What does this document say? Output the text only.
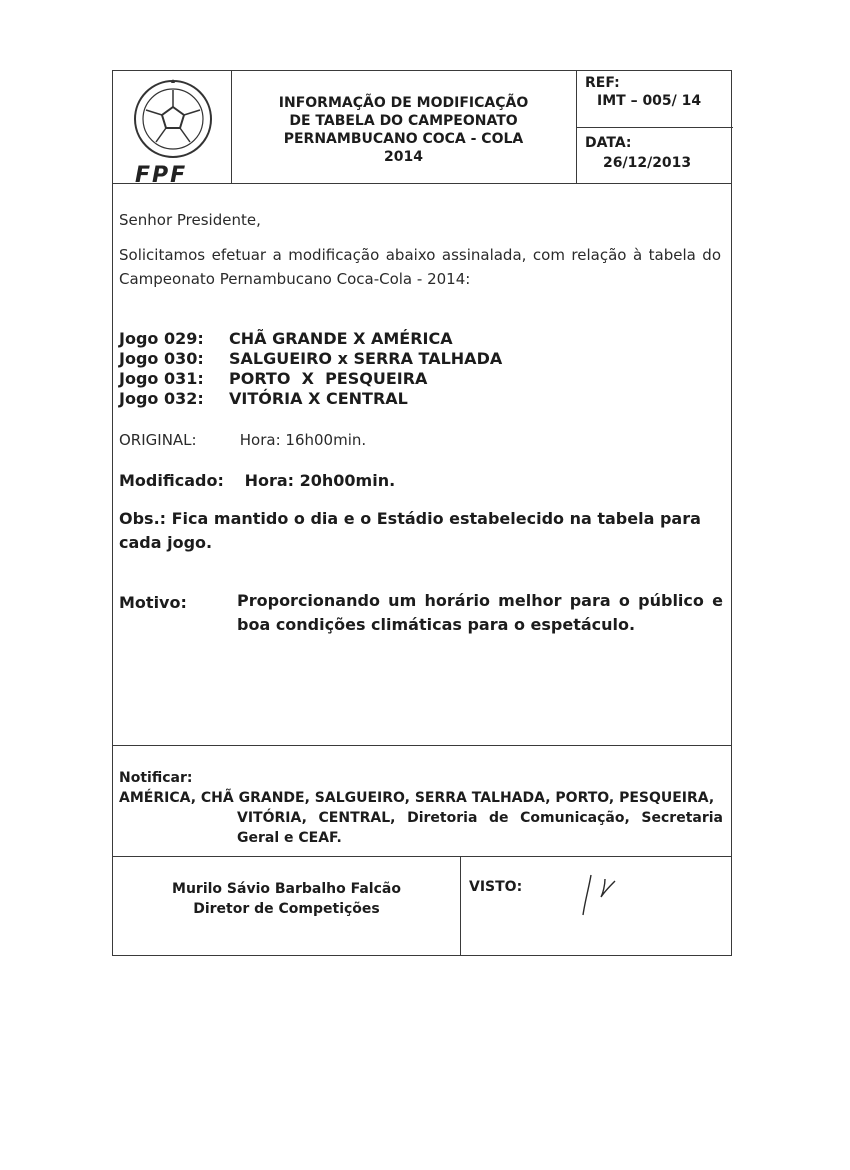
FPF
INFORMAÇÃO DE MODIFICAÇÃO
DE TABELA DO CAMPEONATO
PERNAMBUCANO COCA - COLA
2014
REF:
IMT – 005/ 14
DATA:
26/12/2013
Senhor Presidente,
Solicitamos efetuar a modificação abaixo assinalada, com relação à tabela do Campeonato Pernambucano Coca-Cola - 2014:
Jogo 029:	CHÃ GRANDE X AMÉRICA
Jogo 030:	SALGUEIRO x SERRA TALHADA
Jogo 031:	PORTO  X  PESQUEIRA
Jogo 032:	VITÓRIA X CENTRAL
ORIGINAL:	Hora: 16h00min.
Modificado: Hora: 20h00min.
Obs.: Fica mantido o dia e o Estádio estabelecido na tabela para cada jogo.
Motivo:	Proporcionando um horário melhor para o público e boa condições climáticas para o espetáculo.
Notificar:
AMÉRICA, CHÃ GRANDE, SALGUEIRO, SERRA TALHADA, PORTO, PESQUEIRA,
VITÓRIA, CENTRAL, Diretoria de Comunicação, Secretaria Geral e CEAF.
Murilo Sávio Barbalho Falcão
Diretor de Competições
VISTO:
